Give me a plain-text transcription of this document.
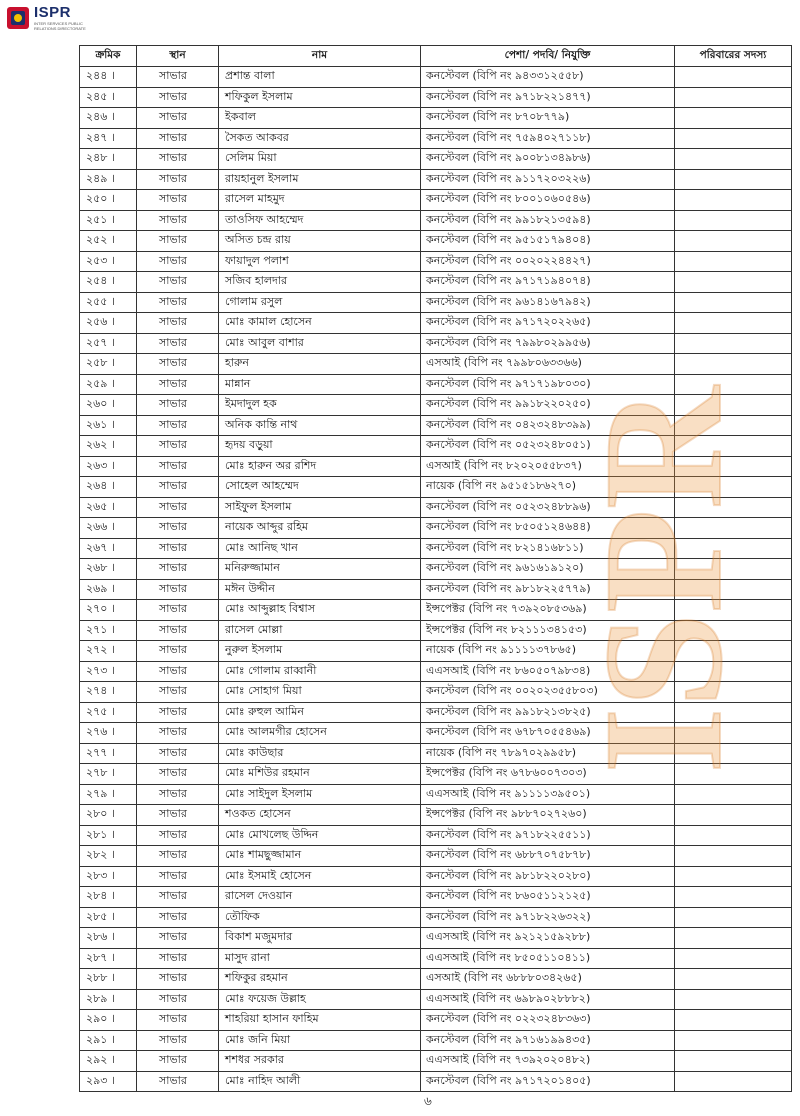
ISPR
INTER SERVICES PUBLIC RELATIONS DIRECTORATE
ক্রমিক	স্থান	নাম	পেশা/ পদবি/ নিযুক্তি	পরিবারের সদস্য
২৪৪ ।	সাভার	প্রশান্ত বালা	কনস্টেবল (বিপি নং ৯৪৩৩১২৫৫৮)	
২৪৫ ।	সাভার	শফিকুল ইসলাম	কনস্টেবল (বিপি নং ৯৭১৮২২১৪৭৭)	
২৪৬ ।	সাভার	ইকবাল	কনস্টেবল (বিপি নং ৮৭০৮৭৭৯)	
২৪৭ ।	সাভার	সৈকত আকবর	কনস্টেবল (বিপি নং ৭৫৯৪০২৭১১৮)	
২৪৮ ।	সাভার	সেলিম মিয়া	কনস্টেবল (বিপি নং ৯০০৮১৩৪৯৮৬)	
২৪৯ ।	সাভার	রায়হানুল ইসলাম	কনস্টেবল (বিপি নং ৯১১৭২০৩২২৬)	
২৫০ ।	সাভার	রাসেল মাহমুদ	কনস্টেবল (বিপি নং ৮০০১০৬০৫৪৬)	
২৫১ ।	সাভার	তাওসিফ আহম্মেদ	কনস্টেবল (বিপি নং ৯৯১৮২১৩৫৯৪)	
২৫২ ।	সাভার	অসিত চন্দ্র রায়	কনস্টেবল (বিপি নং ৯৫১৫১৭৯৪০৪)	
২৫৩ ।	সাভার	ফায়াদুল পলাশ	কনস্টেবল (বিপি নং ০০২০২২৪৪২৭)	
২৫৪ ।	সাভার	সজিব হালদার	কনস্টেবল (বিপি নং ৯৭১৭১৯৪০৭৪)	
২৫৫ ।	সাভার	গোলাম রসুল	কনস্টেবল (বিপি নং ৯৬১৪১৬৭৯৪২)	
২৫৬ ।	সাভার	মোঃ কামাল হোসেন	কনস্টেবল (বিপি নং ৯৭১৭২০২২৬৫)	
২৫৭ ।	সাভার	মোঃ আবুল বাশার	কনস্টেবল (বিপি নং ৭৯৯৮০২৯৯৫৬)	
২৫৮ ।	সাভার	হারুন	এসআই (বিপি নং ৭৯৯৮০৬৩৩৬৬)	
২৫৯ ।	সাভার	মান্নান	কনস্টেবল (বিপি নং ৯৭১৭১৯৮০৩০)	
২৬০ ।	সাভার	ইমদাদুল হক	কনস্টেবল (বিপি নং ৯৯১৮২২০২৫০)	
২৬১ ।	সাভার	অনিক কান্তি নাথ	কনস্টেবল (বিপি নং ০৪২৩২৪৮৩৯৯)	
২৬২ ।	সাভার	হৃদয় বড়ুয়া	কনস্টেবল (বিপি নং ০৫২৩২৪৮০৫১)	
২৬৩ ।	সাভার	মোঃ হারুন অর রশিদ	এসআই (বিপি নং ৮২০২০৫৫৮৩৭)	
২৬৪ ।	সাভার	সোহেল আহম্মেদ	নায়েক (বিপি নং ৯৫১৫১৮৬২৭০)	
২৬৫ ।	সাভার	সাইফুল ইসলাম	কনস্টেবল (বিপি নং ০৫২৩২৪৮৮৯৬)	
২৬৬ ।	সাভার	নায়েক আব্দুর রহিম	কনস্টেবল (বিপি নং ৮৫০৫১২৪৬৪৪)	
২৬৭ ।	সাভার	মোঃ আনিছ খান	কনস্টেবল (বিপি নং ৮২১৪১৬৮১১)	
২৬৮ ।	সাভার	মনিরুজ্জামান	কনস্টেবল (বিপি নং ৯৬১৬১৯১২০)	
২৬৯ ।	সাভার	মঈন উদ্দীন	কনস্টেবল (বিপি নং ৯৮১৮২২৫৭৭৯)	
২৭০ ।	সাভার	মোঃ আব্দুল্লাহ বিশ্বাস	ইন্সপেক্টর (বিপি নং ৭৩৯২০৮৫৩৬৯)	
২৭১ ।	সাভার	রাসেল মোল্লা	ইন্সপেক্টর (বিপি নং ৮২১১১৩৪১৫৩)	
২৭২ ।	সাভার	নুরুল ইসলাম	নায়েক (বিপি নং ৯১১১১৩৭৮৬৫)	
২৭৩ ।	সাভার	মোঃ গোলাম রাব্বানী	এএসআই (বিপি নং ৮৬০৫০৭৯৮৩৪)	
২৭৪ ।	সাভার	মোঃ সোহাগ মিয়া	কনস্টেবল (বিপি নং ০০২০২৩৫৫৮০৩)	
২৭৫ ।	সাভার	মোঃ রুহুল আমিন	কনস্টেবল (বিপি নং ৯৯১৮২১৩৮২৫)	
২৭৬ ।	সাভার	মোঃ আলমগীর হোসেন	কনস্টেবল (বিপি নং ৬৭৮৭০৫৫৪৬৯)	
২৭৭ ।	সাভার	মোঃ কাউছার	নায়েক (বিপি নং ৭৮৯৭০২৯৯৫৮)	
২৭৮ ।	সাভার	মোঃ মশিউর রহমান	ইন্সপেক্টর (বিপি নং ৬৭৮৬০০৭৩০৩)	
২৭৯ ।	সাভার	মোঃ সাইদুল ইসলাম	এএসআই (বিপি নং ৯১১১১৩৯৫০১)	
২৮০ ।	সাভার	শওকত হোসেন	ইন্সপেক্টর (বিপি নং ৯৮৮৭০২৭২৬০)	
২৮১ ।	সাভার	মোঃ মোখলেছ উদ্দিন	কনস্টেবল (বিপি নং ৯৭১৮২২৫৫১১)	
২৮২ ।	সাভার	মোঃ শামছুজ্জামান	কনস্টেবল (বিপি নং ৬৮৮৭০৭৫৮৭৮)	
২৮৩ ।	সাভার	মোঃ ইসমাই হোসেন	কনস্টেবল (বিপি নং ৯৮১৮২২০২৮০)	
২৮৪ ।	সাভার	রাসেল দেওয়ান	কনস্টেবল (বিপি নং ৮৬০৫১১২১২৫)	
২৮৫ ।	সাভার	তৌফিক	কনস্টেবল (বিপি নং ৯৭১৮২২৬৩২২)	
২৮৬ ।	সাভার	বিকাশ মজুমদার	এএসআই (বিপি নং ৯২১২১৫৯২৮৮)	
২৮৭ ।	সাভার	মাসুদ রানা	এএসআই (বিপি নং ৮৫০৫১১০৪১১)	
২৮৮ ।	সাভার	শফিকুর রহমান	এসআই (বিপি নং ৬৮৮৮০৩৪২৬৫)	
২৮৯ ।	সাভার	মোঃ ফয়েজ উল্লাহ	এএসআই (বিপি নং ৬৯৮৯০২৮৮৮২)	
২৯০ ।	সাভার	শাহরিয়া হাসান ফাহিম	কনস্টেবল (বিপি নং ০২২৩২৪৮৩৬৩)	
২৯১ ।	সাভার	মোঃ জনি মিয়া	কনস্টেবল (বিপি নং ৯৭১৬১৯৯৪৩৫)	
২৯২ ।	সাভার	শশধর সরকার	এএসআই (বিপি নং ৭৩৯২০২০৪৮২)	
২৯৩ ।	সাভার	মোঃ নাহিদ আলী	কনস্টেবল (বিপি নং ৯৭১৭২০১৪০৫)	
ISPR
৬
